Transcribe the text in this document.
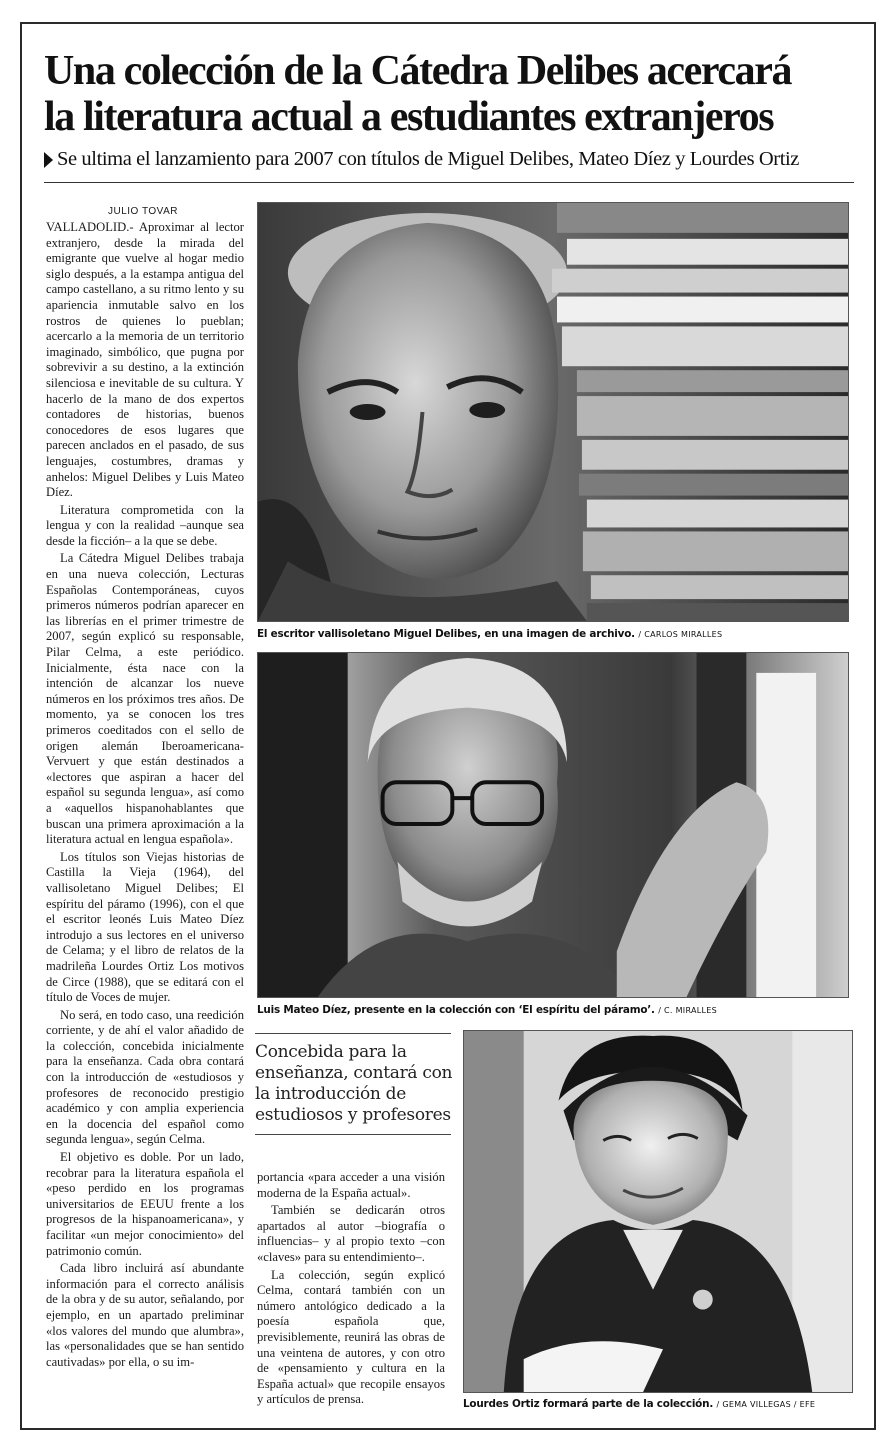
Una colección de la Cátedra Delibes acercará
la literatura actual a estudiantes extranjeros
Se ultima el lanzamiento para 2007 con títulos de Miguel Delibes, Mateo Díez y Lourdes Ortiz
JULIO TOVAR

VALLADOLID.- Aproximar al lector extranjero, desde la mirada del emigrante que vuelve al hogar medio siglo después, a la estampa antigua del campo castellano, a su ritmo lento y su apariencia inmutable salvo en los rostros de quienes lo pueblan; acercarlo a la memoria de un territorio imaginado, simbólico, que pugna por sobrevivir a su destino, a la extinción silenciosa e inevitable de su cultura. Y hacerlo de la mano de dos expertos contadores de historias, buenos conocedores de esos lugares que parecen anclados en el pasado, de sus lenguajes, costumbres, dramas y anhelos: Miguel Delibes y Luis Mateo Díez.

Literatura comprometida con la lengua y con la realidad –aunque sea desde la ficción– a la que se debe.

La Cátedra Miguel Delibes trabaja en una nueva colección, Lecturas Españolas Contemporáneas, cuyos primeros números podrían aparecer en las librerías en el primer trimestre de 2007, según explicó su responsable, Pilar Celma, a este periódico. Inicialmente, ésta nace con la intención de alcanzar los nueve números en los próximos tres años. De momento, ya se conocen los tres primeros coeditados con el sello de origen alemán Iberoamericana-Vervuert y que están destinados a «lectores que aspiran a hacer del español su segunda lengua», así como a «aquellos hispanohablantes que buscan una primera aproximación a la literatura actual en lengua española».

Los títulos son Viejas historias de Castilla la Vieja (1964), del vallisoletano Miguel Delibes; El espíritu del páramo (1996), con el que el escritor leonés Luis Mateo Díez introdujo a sus lectores en el universo de Celama; y el libro de relatos de la madrileña Lourdes Ortiz Los motivos de Circe (1988), que se editará con el título de Voces de mujer.

No será, en todo caso, una reedición corriente, y de ahí el valor añadido de la colección, concebida inicialmente para la enseñanza. Cada obra contará con la introducción de «estudiosos y profesores de reconocido prestigio académico y con amplia experiencia en la docencia del español como segunda lengua», según Celma.

El objetivo es doble. Por un lado, recobrar para la literatura española el «peso perdido en los programas universitarios de EEUU frente a los progresos de la hispanoamericana», y facilitar «un mejor conocimiento» del patrimonio común.

Cada libro incluirá así abundante información para el correcto análisis de la obra y de su autor, señalando, por ejemplo, en un apartado preliminar «los valores del mundo que alumbra», las «personalidades que se han sentido cautivadas» por ella, o su im-

El escritor vallisoletano Miguel Delibes, en una imagen de archivo. / CARLOS MIRALLES
Luis Mateo Díez, presente en la colección con ‘El espíritu del páramo’. / C. MIRALLES
Concebida para la enseñanza, contará con la introducción de estudiosos y profesores

portancia «para acceder a una visión moderna de la España actual».

También se dedicarán otros apartados al autor –biografía o influencias– y al propio texto –con «claves» para su entendimiento–.

La colección, según explicó Celma, contará también con un número antológico dedicado a la poesía española que, previsiblemente, reunirá las obras de una veintena de autores, y con otro de «pensamiento y cultura en la España actual» que recopile ensayos y artículos de prensa.	Lourdes Ortiz formará parte de la colección. / GEMA VILLEGAS / EFE
